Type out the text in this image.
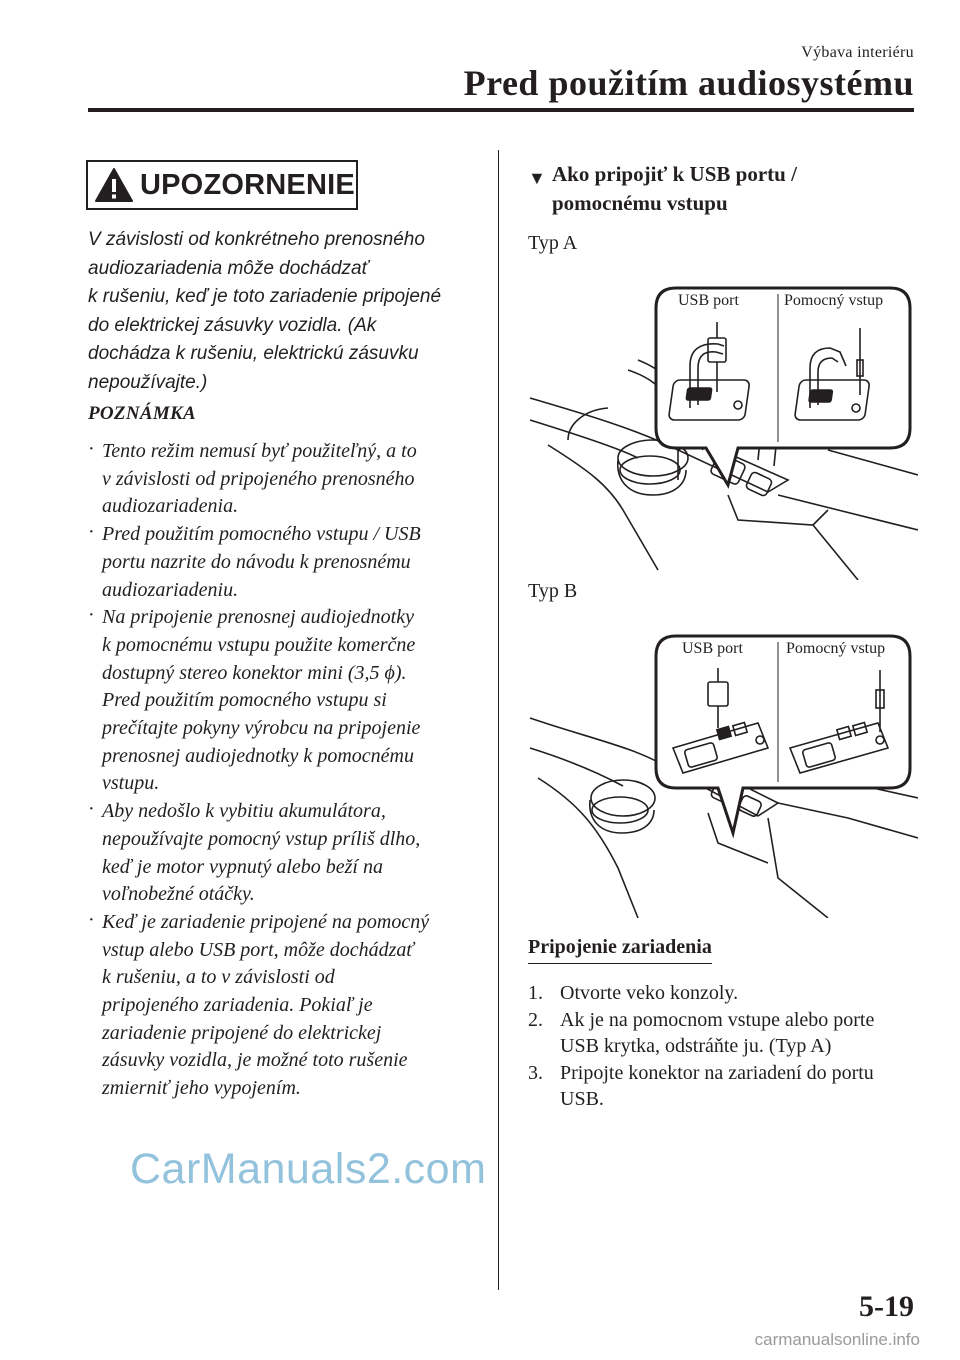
Výbava interiéru
Pred použitím audiosystému
UPOZORNENIE
V závislosti od konkrétneho prenosného
audiozariadenia môže dochádzať
k rušeniu, keď je toto zariadenie pripojené
do elektrickej zásuvky vozidla. (Ak
dochádza k rušeniu, elektrickú zásuvku
nepoužívajte.)
POZNÁMKA
· Tento režim nemusí byť použiteľný, a to
v závislosti od pripojeného prenosného
audiozariadenia.
· Pred použitím pomocného vstupu / USB
portu nazrite do návodu k prenosnému
audiozariadeniu.
· Na pripojenie prenosnej audiojednotky
k pomocnému vstupu použite komerčne
dostupný stereo konektor mini (3,5 ϕ).
Pred použitím pomocného vstupu si
prečítajte pokyny výrobcu na pripojenie
prenosnej audiojednotky k pomocnému
vstupu.
· Aby nedošlo k vybitiu akumulátora,
nepoužívajte pomocný vstup príliš dlho,
keď je motor vypnutý alebo beží na
voľnobežné otáčky.
· Keď je zariadenie pripojené na pomocný
vstup alebo USB port, môže dochádzať
k rušeniu, a to v závislosti od
pripojeného zariadenia. Pokiaľ je
zariadenie pripojené do elektrickej
zásuvky vozidla, je možné toto rušenie
zmierniť jeho vypojením.
▼ Ako pripojiť k USB portu /
pomocnému vstupu
Typ A
USB port	Pomocný vstup
Typ B
USB port	Pomocný vstup
Pripojenie zariadenia
1. Otvorte veko konzoly.
2. Ak je na pomocnom vstupe alebo porte
USB krytka, odstráňte ju. (Typ A)
3. Pripojte konektor na zariadení do portu
USB.
CarManuals2.com
5-19
carmanualsonline.info
